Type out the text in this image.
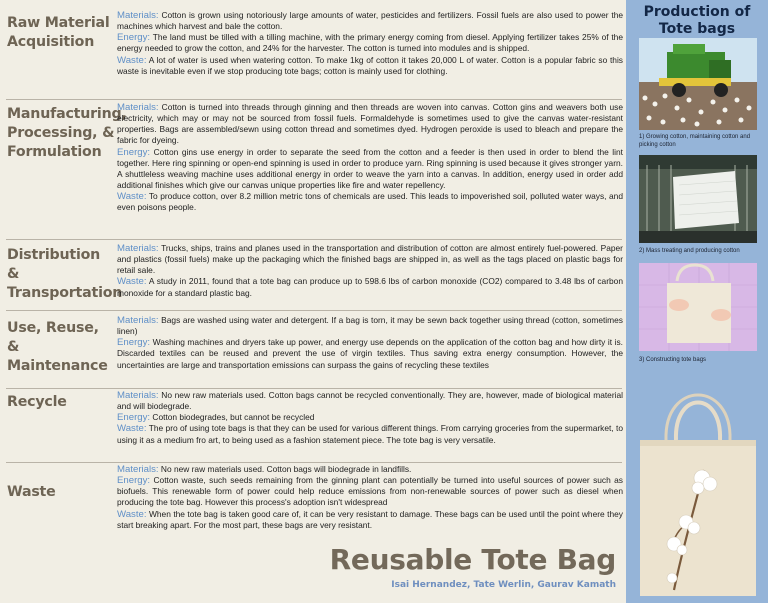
Raw Material Acquisition

Materials: Cotton is grown using notoriously large amounts of water, pesticides and fertilizers. Fossil fuels are also used to power the machines which harvest and bale the cotton.

Energy: The land must be tilled with a tilling machine, with the primary energy coming from diesel. Applying fertilizer takes 25% of the energy needed to grow the cotton, and 24% for the harvester. The cotton is turned into modules and is shipped.

Waste: A lot of water is used when watering cotton. To make 1kg of cotton it takes 20,000 L of water. Cotton is a popular fabric so this waste is inevitable even if we stop producing tote bags; cotton is mainly used for clothing.

Manufacturing, Processing, & Formulation

Materials: Cotton is turned into threads through ginning and then threads are woven into canvas. Cotton gins and weavers both use electricity, which may or may not be sourced from fossil fuels. Formaldehyde is sometimes used to give the canvas water-resistant properties. Bags are assembled/sewn using cotton thread and sometimes dyed. Hydrogen peroxide is used to bleach and prepare the fabric for dyeing.

Energy: Cotton gins use energy in order to separate the seed from the cotton and a feeder is then used in order to blend the lint together. Here ring spinning or open-end spinning is used in order to produce yarn. Ring spinning is used because it gives stronger yarn. A shuttleless weaving machine uses additional energy in order to weave the yarn into a canvas. In addition, energy used in order add additional finishes which give our canvas unique properties like fire and water repellency.

Waste: To produce cotton, over 8.2 million metric tons of chemicals are used. This leads to impoverished soil, polluted water ways, and even poisons people.

Distribution & Transportation

Materials: Trucks, ships, trains and planes used in the transportation and distribution of cotton are almost entirely fuel-powered. Paper and plastics (fossil fuels) make up the packaging which the finished bags are shipped in, as well as the tags placed on plastic bags for retail sale.

Waste: A study in 2011, found that a tote bag can produce up to 598.6 lbs of carbon monoxide (CO2) compared to 3.48 lbs of carbon monoxide for a standard plastic bag.

Use, Reuse, & Maintenance

Materials: Bags are washed using water and detergent. If a bag is torn, it may be sewn back together using thread (cotton, sometimes linen)

Energy: Washing machines and dryers take up power, and energy use depends on the application of the cotton bag and how dirty it is. Discarded textiles can be reused and prevent the use of virgin textiles. Thus saving extra energy consumption. However, the uncertainties are large and transportation emissions can surpass the gains of recycling these textiles

Recycle	Materials: No new raw materials used. Cotton bags cannot be recycled conventionally. They are, however, made of biological material and will biodegrade.

Energy: Cotton biodegrades, but cannot be recycled

Waste: The pro of using tote bags is that they can be used for various different things. From carrying groceries from the supermarket, to using it as a medium fro art, to being used as a fashion statement piece. The tote bag is very versatile.

Waste

Materials: No new raw materials used. Cotton bags will biodegrade in landfills.

Energy: Cotton waste, such seeds remaining from the ginning plant can potentially be turned into useful sources of power such as biofuels. This renewable form of power could help reduce emissions from non-renewable sources of power such as diesel when producing the tote bag. However this process's adoption isn't widespread

Waste: When the tote bag is taken good care of, it can be very resistant to damage. These bags can be used until the point where they start breaking apart. For the most part, these bags are very resistant.

Reusable Tote Bag
Isai Hernandez, Tate Werlin, Gaurav Kamath
Production of Tote bags
1) Growing cotton, maintaining cotton and picking cotton
2) Mass treating and producing cotton
3) Constructing tote bags
